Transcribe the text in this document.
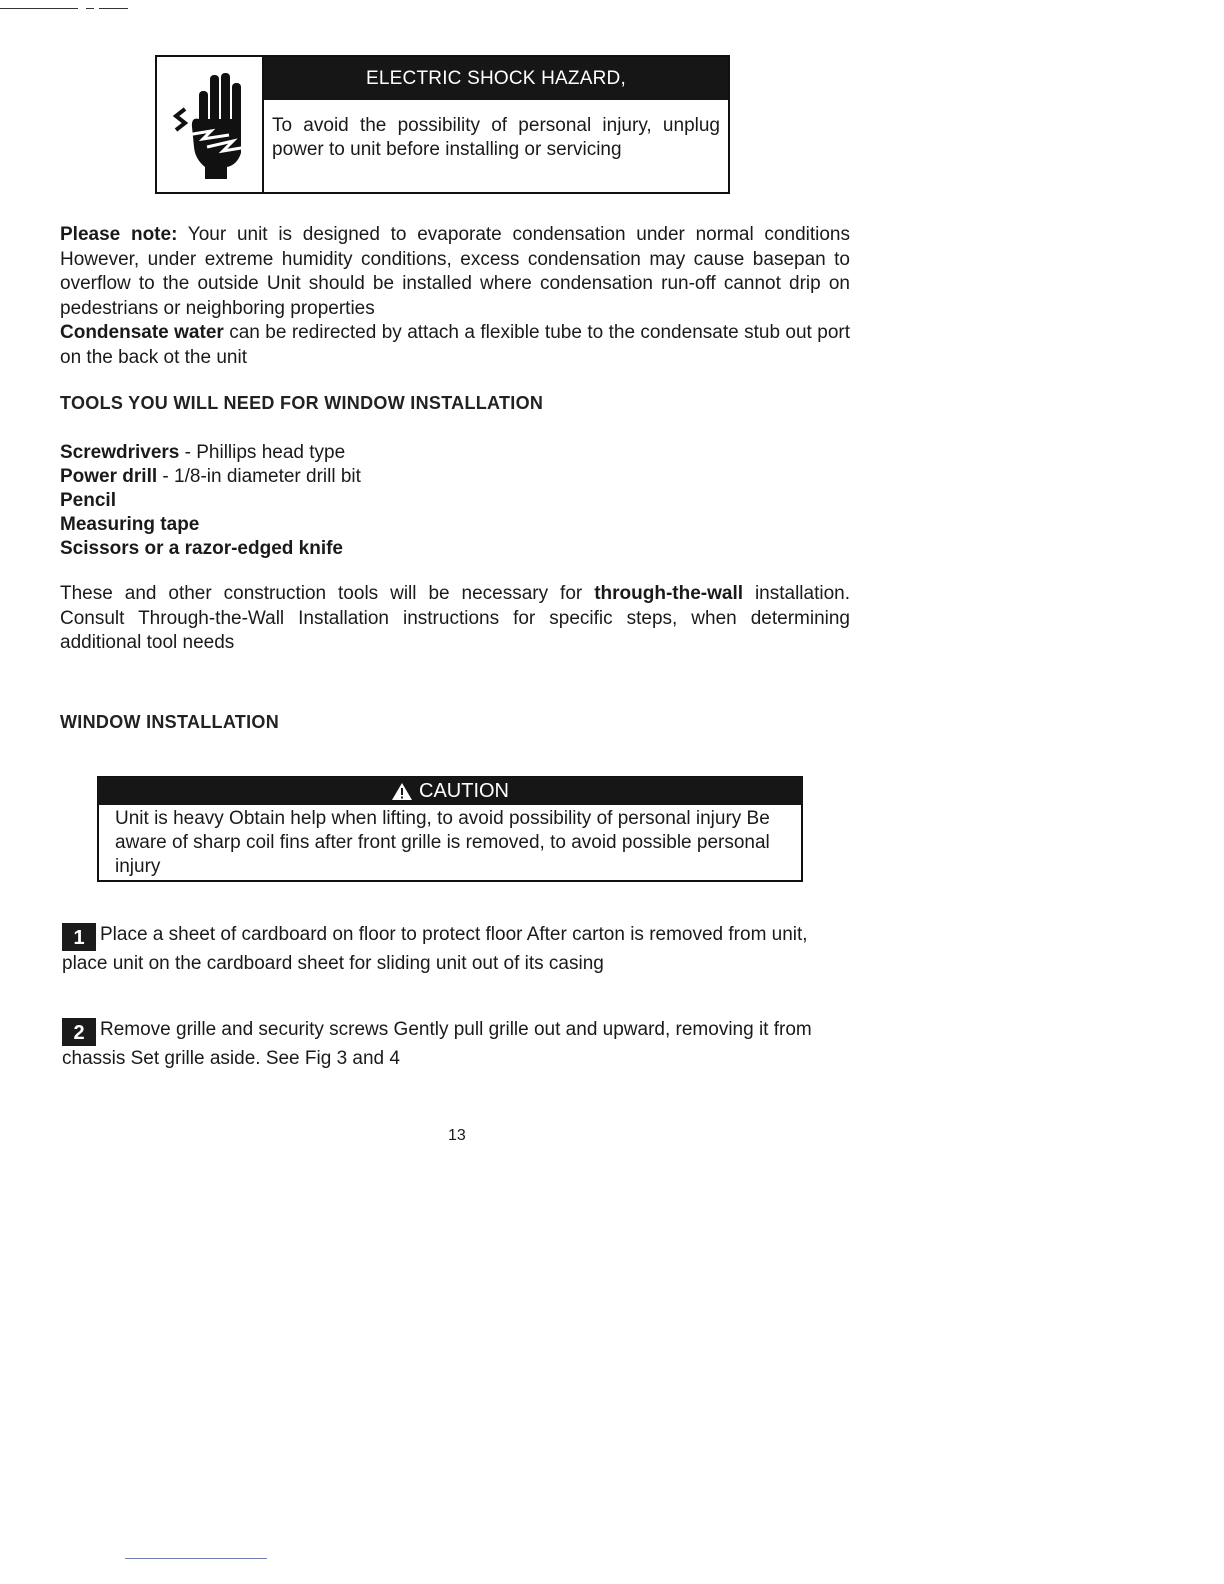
ELECTRIC SHOCK HAZARD,
To avoid the possibility of personal injury, unplug power to unit before installing or servicing
Please note: Your unit is designed to evaporate condensation under normal conditions However, under extreme humidity conditions, excess condensation may cause basepan to overflow to the outside Unit should be installed where condensation run-off cannot drip on pedestrians or neighboring properties
Condensate water can be redirected by attach a flexible tube to the condensate stub out port on the back ot the unit
TOOLS YOU WILL NEED FOR WINDOW INSTALLATION
Screwdrivers - Phillips head type
Power drill - 1/8-in diameter drill bit
Pencil
Measuring tape
Scissors or a razor-edged knife
These and other construction tools will be necessary for through-the-wall installation. Consult Through-the-Wall Installation instructions for specific steps, when determining additional tool needs
WINDOW INSTALLATION
CAUTION
Unit is heavy Obtain help when lifting, to avoid possibility of personal injury Be aware of sharp coil fins after front grille is removed, to avoid possible personal injury
1 Place a sheet of cardboard on floor to protect floor After carton is removed from unit, place unit on the cardboard sheet for sliding unit out of its casing
2 Remove grille and security screws Gently pull grille out and upward, removing it from chassis Set grille aside. See Fig 3 and 4
13
